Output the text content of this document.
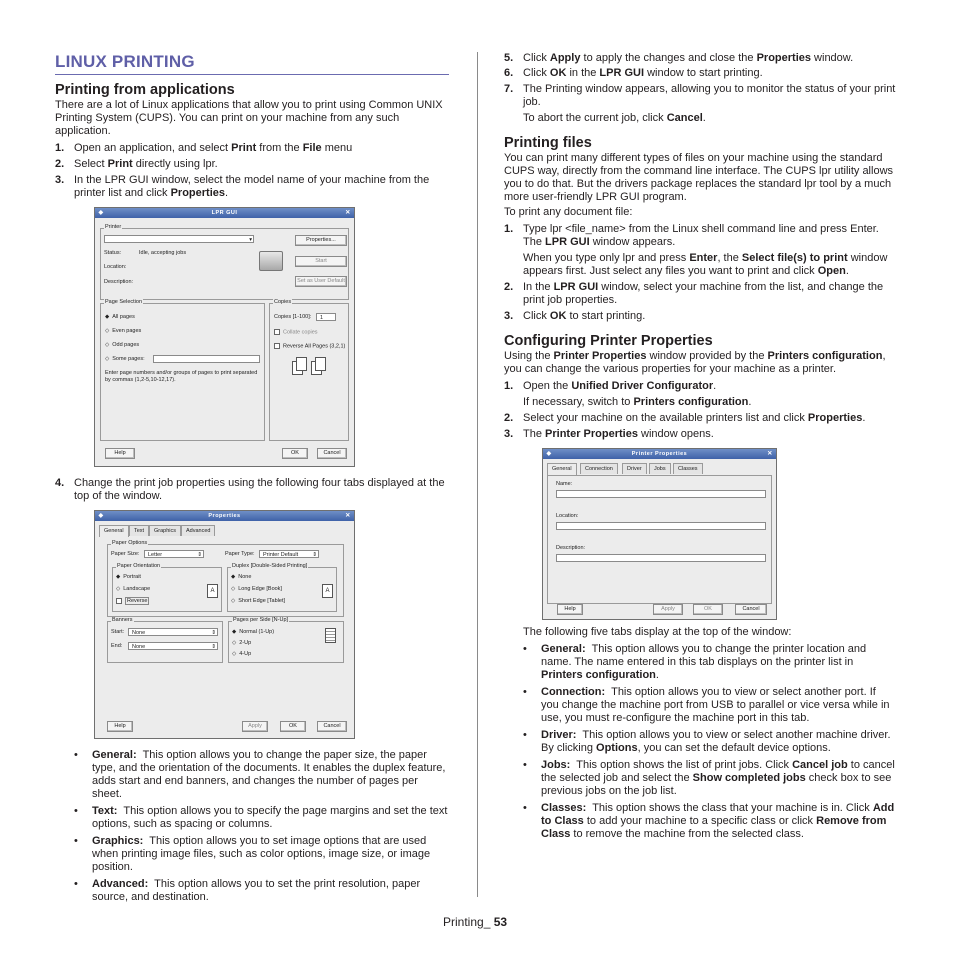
LINUX PRINTING
Printing from applications

There are a lot of Linux applications that allow you to print using Common UNIX Printing System (CUPS). You can print on your machine from any such application.

1. Open an application, and select Print from the File menu
2. Select Print directly using lpr.
3. In the LPR GUI window, select the model name of your machine from the printer list and click Properties.
◆	LPR GUI	✕
Printer
▾	Properties...
Status:	Idle, accepting jobs
Location:
Description:
Start
Set as User Default
Page Selection
◆ All pages
◇ Even pages
◇ Odd pages
◇ Some pages:
Enter page numbers and/or groups of pages to print separated by commas (1,2-5,10-12,17).
Copies
Copies [1-100]:	1
Collate copies
Reverse All Pages (3,2,1)
Help	OK	Cancel
4. Change the print job properties using the following four tabs displayed at the top of the window.
◆	Properties	✕
General	Text	Graphics	Advanced
Paper Options
Paper Size:	Letter	⇕	Paper Type:	Printer Default	⇕
Paper Orientation
◆ Portrait
◇ Landscape
Reverse
A
Duplex [Double-Sided Printing]
◆ None
◇ Long Edge [Book]
◇ Short Edge [Tablet]
A
Banners
Start:	None	⇕
End:	None	⇕
Pages per Side [N-Up]
◆ Normal (1-Up)
◇ 2-Up
◇ 4-Up
Help	Apply	OK	Cancel
• General: This option allows you to change the paper size, the paper type, and the orientation of the documents. It enables the duplex feature, adds start and end banners, and changes the number of pages per sheet.
• Text: This option allows you to specify the page margins and set the text options, such as spacing or columns.
• Graphics: This option allows you to set image options that are used when printing image files, such as color options, image size, or image position.
• Advanced: This option allows you to set the print resolution, paper source, and destination.
5. Click Apply to apply the changes and close the Properties window.
6. Click OK in the LPR GUI window to start printing.
7. The Printing window appears, allowing you to monitor the status of your print job.
To abort the current job, click Cancel.
Printing files

You can print many different types of files on your machine using the standard CUPS way, directly from the command line interface. The CUPS lpr utility allows you to do that. But the drivers package replaces the standard lpr tool by a much more user-friendly LPR GUI program.

To print any document file:

1. Type lpr <file_name> from the Linux shell command line and press Enter. The LPR GUI window appears.
When you type only lpr and press Enter, the Select file(s) to print window appears first. Just select any files you want to print and click Open.
2. In the LPR GUI window, select your machine from the list, and change the print job properties.
3. Click OK to start printing.
Configuring Printer Properties

Using the Printer Properties window provided by the Printers configuration, you can change the various properties for your machine as a printer.

1. Open the Unified Driver Configurator.
If necessary, switch to Printers configuration.
2. Select your machine on the available printers list and click Properties.
3. The Printer Properties window opens.
◆	Printer Properties	✕
General	Connection	Driver	Jobs	Classes
Name:
Location:
Description:
Help	Apply	OK	Cancel

The following five tabs display at the top of the window:

• General: This option allows you to change the printer location and name. The name entered in this tab displays on the printer list in Printers configuration.
• Connection: This option allows you to view or select another port. If you change the machine port from USB to parallel or vice versa while in use, you must re-configure the machine port in this tab.
• Driver: This option allows you to view or select another machine driver. By clicking Options, you can set the default device options.
• Jobs: This option shows the list of print jobs. Click Cancel job to cancel the selected job and select the Show completed jobs check box to see previous jobs on the job list.
• Classes: This option shows the class that your machine is in. Click Add to Class to add your machine to a specific class or click Remove from Class to remove the machine from the selected class.
Printing_ 53
